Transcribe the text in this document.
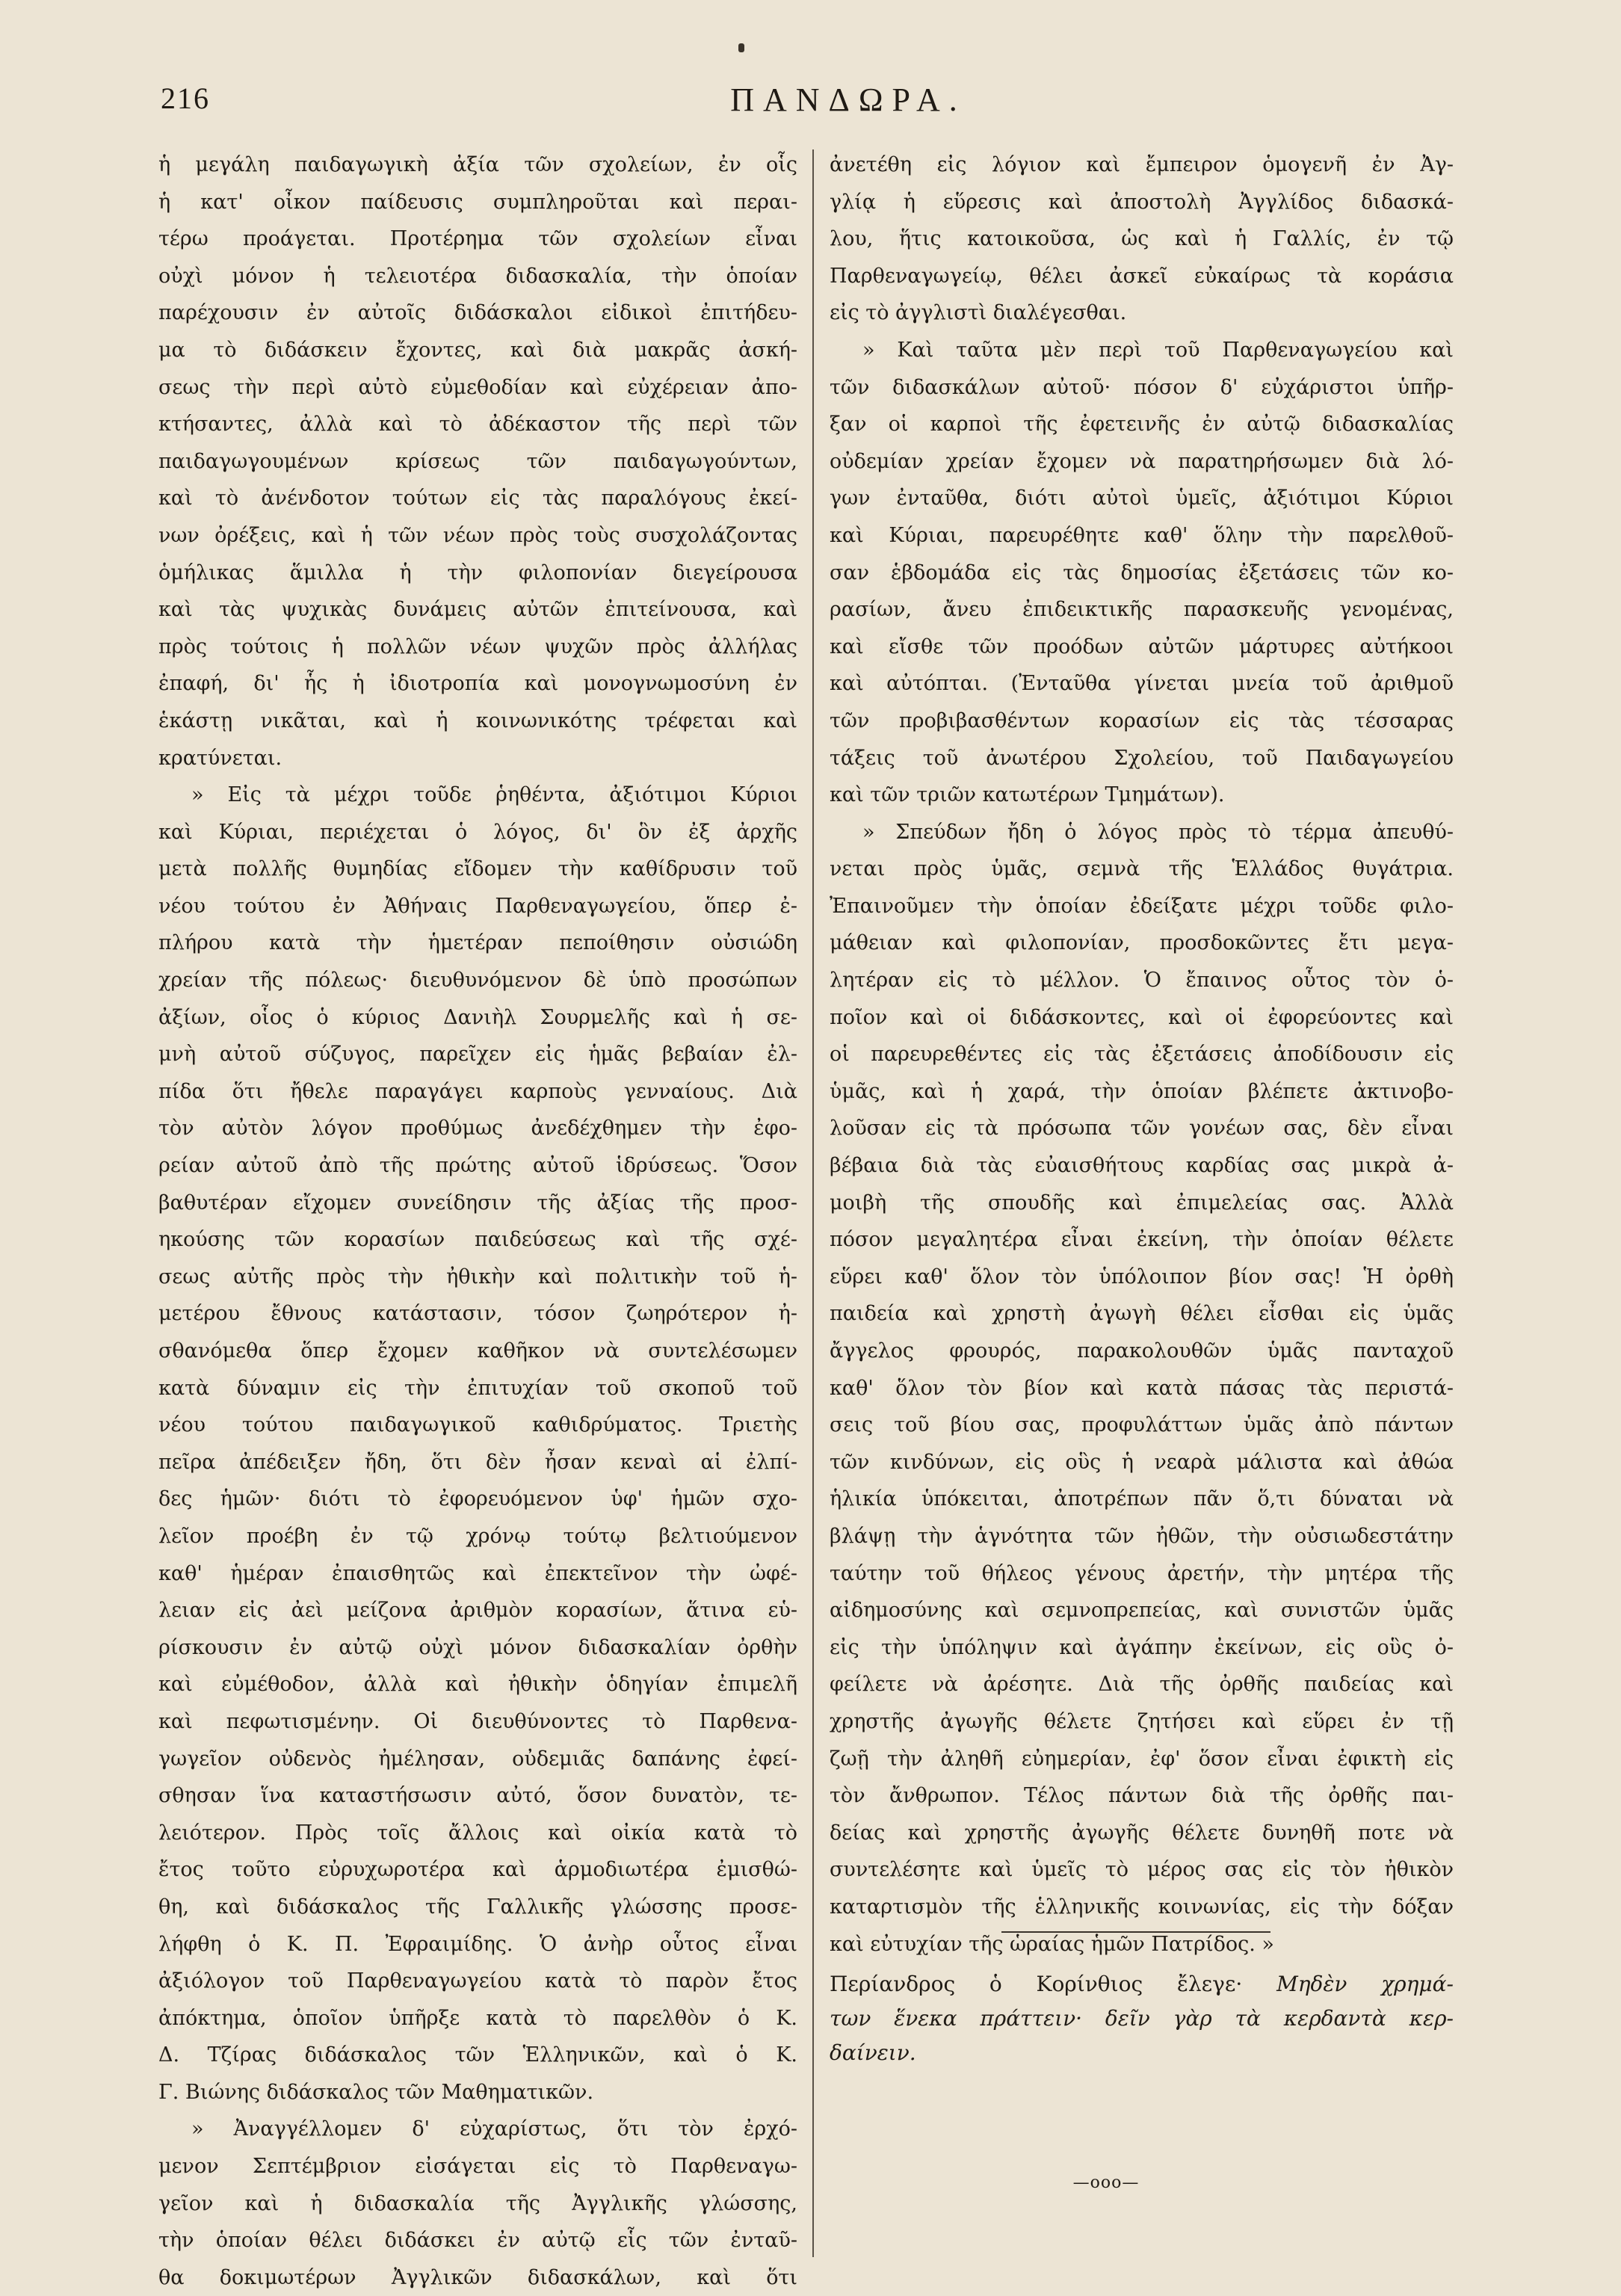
216	ΠΑΝΔΩΡΑ.
ἡ μεγάλη παιδαγωγικὴ ἀξία τῶν σχολείων, ἐν οἷς
ἡ κατ' οἶκον παίδευσις συμπληροῦται καὶ περαι-
τέρω προάγεται. Προτέρημα τῶν σχολείων εἶναι
οὐχὶ μόνον ἡ τελειοτέρα διδασκαλία, τὴν ὁποίαν
παρέχουσιν ἐν αὐτοῖς διδάσκαλοι εἰδικοὶ ἐπιτήδευ-
μα τὸ διδάσκειν ἔχοντες, καὶ διὰ μακρᾶς ἀσκή-
σεως τὴν περὶ αὐτὸ εὐμεθοδίαν καὶ εὐχέρειαν ἀπο-
κτήσαντες, ἀλλὰ καὶ τὸ ἀδέκαστον τῆς περὶ τῶν
παιδαγωγουμένων κρίσεως τῶν παιδαγωγούντων,
καὶ τὸ ἀνένδοτον τούτων εἰς τὰς παραλόγους ἐκεί-
νων ὀρέξεις, καὶ ἡ τῶν νέων πρὸς τοὺς συσχολάζοντας
ὁμήλικας ἅμιλλα ἡ τὴν φιλοπονίαν διεγείρουσα
καὶ τὰς ψυχικὰς δυνάμεις αὐτῶν ἐπιτείνουσα, καὶ
πρὸς τούτοις ἡ πολλῶν νέων ψυχῶν πρὸς ἀλλήλας
ἐπαφή, δι' ἧς ἡ ἰδιοτροπία καὶ μονογνωμοσύνη ἐν
ἑκάστῃ νικᾶται, καὶ ἡ κοινωνικότης τρέφεται καὶ
κρατύνεται.
» Εἰς τὰ μέχρι τοῦδε ῥηθέντα, ἀξιότιμοι Κύριοι
καὶ Κύριαι, περιέχεται ὁ λόγος, δι' ὃν ἐξ ἀρχῆς
μετὰ πολλῆς θυμηδίας εἴδομεν τὴν καθίδρυσιν τοῦ
νέου τούτου ἐν Ἀθήναις Παρθεναγωγείου, ὅπερ ἐ-
πλήρου κατὰ τὴν ἡμετέραν πεποίθησιν οὐσιώδη
χρείαν τῆς πόλεως· διευθυνόμενον δὲ ὑπὸ προσώπων
ἀξίων, οἷος ὁ κύριος Δανιὴλ Σουρμελῆς καὶ ἡ σε-
μνὴ αὐτοῦ σύζυγος, παρεῖχεν εἰς ἡμᾶς βεβαίαν ἐλ-
πίδα ὅτι ἤθελε παραγάγει καρποὺς γενναίους. Διὰ
τὸν αὐτὸν λόγον προθύμως ἀνεδέχθημεν τὴν ἐφο-
ρείαν αὐτοῦ ἀπὸ τῆς πρώτης αὐτοῦ ἱδρύσεως. Ὅσον
βαθυτέραν εἴχομεν συνείδησιν τῆς ἀξίας τῆς προσ-
ηκούσης τῶν κορασίων παιδεύσεως καὶ τῆς σχέ-
σεως αὐτῆς πρὸς τὴν ἠθικὴν καὶ πολιτικὴν τοῦ ἡ-
μετέρου ἔθνους κατάστασιν, τόσον ζωηρότερον ἠ-
σθανόμεθα ὅπερ ἔχομεν καθῆκον νὰ συντελέσωμεν
κατὰ δύναμιν εἰς τὴν ἐπιτυχίαν τοῦ σκοποῦ τοῦ
νέου τούτου παιδαγωγικοῦ καθιδρύματος. Τριετὴς
πεῖρα ἀπέδειξεν ἤδη, ὅτι δὲν ἦσαν κεναὶ αἱ ἐλπί-
δες ἡμῶν· διότι τὸ ἐφορευόμενον ὑφ' ἡμῶν σχο-
λεῖον προέβη ἐν τῷ χρόνῳ τούτῳ βελτιούμενον
καθ' ἡμέραν ἐπαισθητῶς καὶ ἐπεκτεῖνον τὴν ὠφέ-
λειαν εἰς ἀεὶ μείζονα ἀριθμὸν κορασίων, ἅτινα εὑ-
ρίσκουσιν ἐν αὐτῷ οὐχὶ μόνον διδασκαλίαν ὀρθὴν
καὶ εὐμέθοδον, ἀλλὰ καὶ ἠθικὴν ὁδηγίαν ἐπιμελῆ
καὶ πεφωτισμένην. Οἱ διευθύνοντες τὸ Παρθενα-
γωγεῖον οὐδενὸς ἠμέλησαν, οὐδεμιᾶς δαπάνης ἐφεί-
σθησαν ἵνα καταστήσωσιν αὐτό, ὅσον δυνατὸν, τε-
λειότερον. Πρὸς τοῖς ἄλλοις καὶ οἰκία κατὰ τὸ
ἔτος τοῦτο εὐρυχωροτέρα καὶ ἁρμοδιωτέρα ἐμισθώ-
θη, καὶ διδάσκαλος τῆς Γαλλικῆς γλώσσης προσε-
λήφθη ὁ Κ. Π. Ἐφραιμίδης. Ὁ ἀνὴρ οὗτος εἶναι
ἀξιόλογον τοῦ Παρθεναγωγείου κατὰ τὸ παρὸν ἔτος
ἀπόκτημα, ὁποῖον ὑπῆρξε κατὰ τὸ παρελθὸν ὁ Κ.
Δ. Τζίρας διδάσκαλος τῶν Ἑλληνικῶν, καὶ ὁ Κ.
Γ. Βιώνης διδάσκαλος τῶν Μαθηματικῶν.
» Ἀναγγέλλομεν δ' εὐχαρίστως, ὅτι τὸν ἐρχό-
μενον Σεπτέμβριον εἰσάγεται εἰς τὸ Παρθεναγω-
γεῖον καὶ ἡ διδασκαλία τῆς Ἀγγλικῆς γλώσσης,
τὴν ὁποίαν θέλει διδάσκει ἐν αὐτῷ εἷς τῶν ἐνταῦ-
θα δοκιμωτέρων Ἀγγλικῶν διδασκάλων, καὶ ὅτι
ἀνετέθη εἰς λόγιον καὶ ἔμπειρον ὁμογενῆ ἐν Ἀγ-
γλίᾳ ἡ εὕρεσις καὶ ἀποστολὴ Ἀγγλίδος διδασκά-
λου, ἥτις κατοικοῦσα, ὡς καὶ ἡ Γαλλίς, ἐν τῷ
Παρθεναγωγείῳ, θέλει ἀσκεῖ εὐκαίρως τὰ κοράσια
εἰς τὸ ἀγγλιστὶ διαλέγεσθαι.
» Καὶ ταῦτα μὲν περὶ τοῦ Παρθεναγωγείου καὶ
τῶν διδασκάλων αὐτοῦ· πόσον δ' εὐχάριστοι ὑπῆρ-
ξαν οἱ καρποὶ τῆς ἐφετεινῆς ἐν αὐτῷ διδασκαλίας
οὐδεμίαν χρείαν ἔχομεν νὰ παρατηρήσωμεν διὰ λό-
γων ἐνταῦθα, διότι αὐτοὶ ὑμεῖς, ἀξιότιμοι Κύριοι
καὶ Κύριαι, παρευρέθητε καθ' ὅλην τὴν παρελθοῦ-
σαν ἑβδομάδα εἰς τὰς δημοσίας ἐξετάσεις τῶν κο-
ρασίων, ἄνευ ἐπιδεικτικῆς παρασκευῆς γενομένας,
καὶ εἴσθε τῶν προόδων αὐτῶν μάρτυρες αὐτήκοοι
καὶ αὐτόπται. (Ἐνταῦθα γίνεται μνεία τοῦ ἀριθμοῦ
τῶν προβιβασθέντων κορασίων εἰς τὰς τέσσαρας
τάξεις τοῦ ἀνωτέρου Σχολείου, τοῦ Παιδαγωγείου
καὶ τῶν τριῶν κατωτέρων Τμημάτων).
» Σπεύδων ἤδη ὁ λόγος πρὸς τὸ τέρμα ἀπευθύ-
νεται πρὸς ὑμᾶς, σεμνὰ τῆς Ἑλλάδος θυγάτρια.
Ἐπαινοῦμεν τὴν ὁποίαν ἐδείξατε μέχρι τοῦδε φιλο-
μάθειαν καὶ φιλοπονίαν, προσδοκῶντες ἔτι μεγα-
λητέραν εἰς τὸ μέλλον. Ὁ ἔπαινος οὗτος τὸν ὁ-
ποῖον καὶ οἱ διδάσκοντες, καὶ οἱ ἐφορεύοντες καὶ
οἱ παρευρεθέντες εἰς τὰς ἐξετάσεις ἀποδίδουσιν εἰς
ὑμᾶς, καὶ ἡ χαρά, τὴν ὁποίαν βλέπετε ἀκτινοβο-
λοῦσαν εἰς τὰ πρόσωπα τῶν γονέων σας, δὲν εἶναι
βέβαια διὰ τὰς εὐαισθήτους καρδίας σας μικρὰ ἀ-
μοιβὴ τῆς σπουδῆς καὶ ἐπιμελείας σας. Ἀλλὰ
πόσον μεγαλητέρα εἶναι ἐκείνη, τὴν ὁποίαν θέλετε
εὕρει καθ' ὅλον τὸν ὑπόλοιπον βίον σας! Ἡ ὀρθὴ
παιδεία καὶ χρηστὴ ἀγωγὴ θέλει εἶσθαι εἰς ὑμᾶς
ἄγγελος φρουρός, παρακολουθῶν ὑμᾶς πανταχοῦ
καθ' ὅλον τὸν βίον καὶ κατὰ πάσας τὰς περιστά-
σεις τοῦ βίου σας, προφυλάττων ὑμᾶς ἀπὸ πάντων
τῶν κινδύνων, εἰς οὓς ἡ νεαρὰ μάλιστα καὶ ἀθώα
ἡλικία ὑπόκειται, ἀποτρέπων πᾶν ὅ,τι δύναται νὰ
βλάψῃ τὴν ἁγνότητα τῶν ἠθῶν, τὴν οὐσιωδεστάτην
ταύτην τοῦ θήλεος γένους ἀρετήν, τὴν μητέρα τῆς
αἰδημοσύνης καὶ σεμνοπρεπείας, καὶ συνιστῶν ὑμᾶς
εἰς τὴν ὑπόληψιν καὶ ἀγάπην ἐκείνων, εἰς οὓς ὀ-
φείλετε νὰ ἀρέσητε. Διὰ τῆς ὀρθῆς παιδείας καὶ
χρηστῆς ἀγωγῆς θέλετε ζητήσει καὶ εὕρει ἐν τῇ
ζωῇ τὴν ἀληθῆ εὐημερίαν, ἐφ' ὅσον εἶναι ἐφικτὴ εἰς
τὸν ἄνθρωπον. Τέλος πάντων διὰ τῆς ὀρθῆς παι-
δείας καὶ χρηστῆς ἀγωγῆς θέλετε δυνηθῆ ποτε νὰ
συντελέσητε καὶ ὑμεῖς τὸ μέρος σας εἰς τὸν ἠθικὸν
καταρτισμὸν τῆς ἑλληνικῆς κοινωνίας, εἰς τὴν δόξαν
καὶ εὐτυχίαν τῆς ὡραίας ἡμῶν Πατρίδος. »
Περίανδρος ὁ Κορίνθιος ἔλεγε· Μηδὲν χρημά-
των ἕνεκα πράττειν· δεῖν γὰρ τὰ κερδαντὰ κερ-
δαίνειν.
—ooo—
